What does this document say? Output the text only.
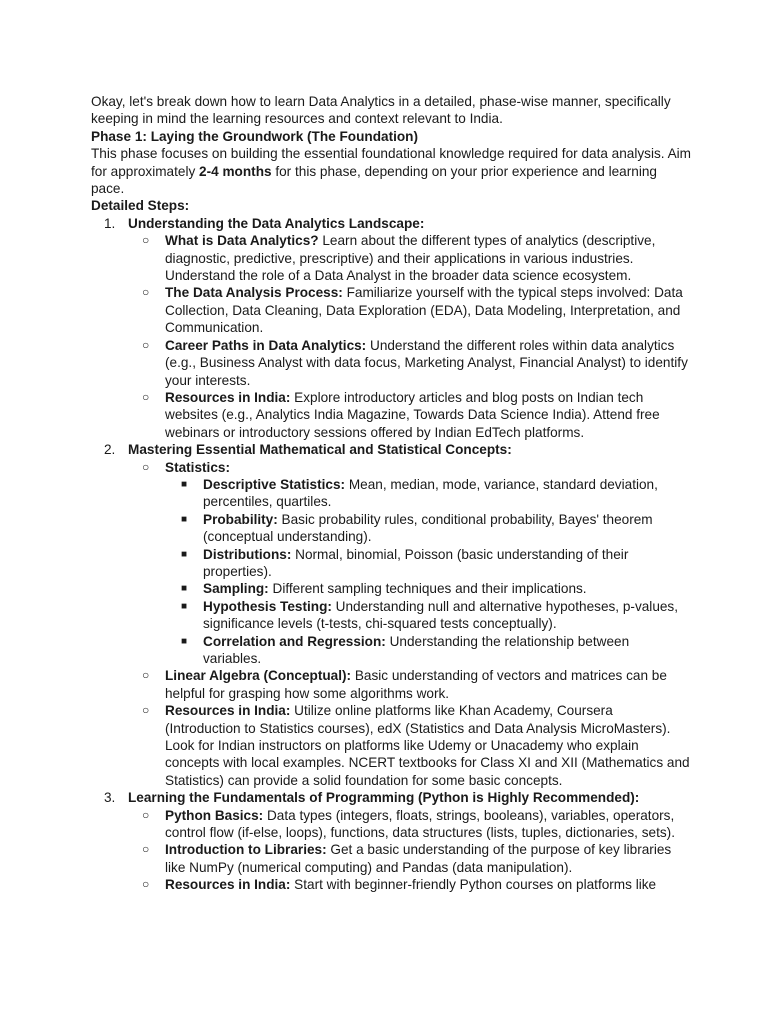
Okay, let's break down how to learn Data Analytics in a detailed, phase-wise manner, specifically keeping in mind the learning resources and context relevant to India.

Phase 1: Laying the Groundwork (The Foundation)

This phase focuses on building the essential foundational knowledge required for data analysis. Aim for approximately 2-4 months for this phase, depending on your prior experience and learning pace.

Detailed Steps:

1. Understanding the Data Analytics Landscape:
○ What is Data Analytics? Learn about the different types of analytics (descriptive, diagnostic, predictive, prescriptive) and their applications in various industries. Understand the role of a Data Analyst in the broader data science ecosystem.
○ The Data Analysis Process: Familiarize yourself with the typical steps involved: Data Collection, Data Cleaning, Data Exploration (EDA), Data Modeling, Interpretation, and Communication.
○ Career Paths in Data Analytics: Understand the different roles within data analytics (e.g., Business Analyst with data focus, Marketing Analyst, Financial Analyst) to identify your interests.
○ Resources in India: Explore introductory articles and blog posts on Indian tech websites (e.g., Analytics India Magazine, Towards Data Science India). Attend free webinars or introductory sessions offered by Indian EdTech platforms.
2. Mastering Essential Mathematical and Statistical Concepts:
○ Statistics:
■ Descriptive Statistics: Mean, median, mode, variance, standard deviation, percentiles, quartiles.
■ Probability: Basic probability rules, conditional probability, Bayes' theorem (conceptual understanding).
■ Distributions: Normal, binomial, Poisson (basic understanding of their properties).
■ Sampling: Different sampling techniques and their implications.
■ Hypothesis Testing: Understanding null and alternative hypotheses, p-values, significance levels (t-tests, chi-squared tests conceptually).
■ Correlation and Regression: Understanding the relationship between variables.
○ Linear Algebra (Conceptual): Basic understanding of vectors and matrices can be helpful for grasping how some algorithms work.
○ Resources in India: Utilize online platforms like Khan Academy, Coursera (Introduction to Statistics courses), edX (Statistics and Data Analysis MicroMasters). Look for Indian instructors on platforms like Udemy or Unacademy who explain concepts with local examples. NCERT textbooks for Class XI and XII (Mathematics and Statistics) can provide a solid foundation for some basic concepts.
3. Learning the Fundamentals of Programming (Python is Highly Recommended):
○ Python Basics: Data types (integers, floats, strings, booleans), variables, operators, control flow (if-else, loops), functions, data structures (lists, tuples, dictionaries, sets).
○ Introduction to Libraries: Get a basic understanding of the purpose of key libraries like NumPy (numerical computing) and Pandas (data manipulation).
○ Resources in India: Start with beginner-friendly Python courses on platforms like
